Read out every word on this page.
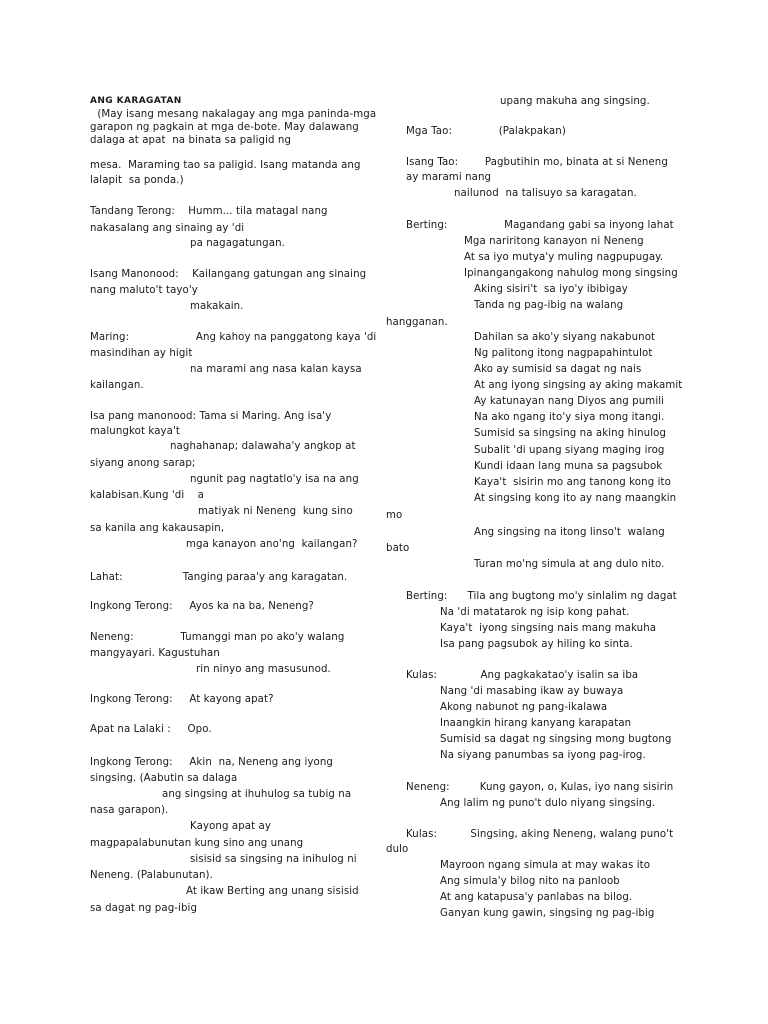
ANG KARAGATAN
(May isang mesang nakalagay ang mga paninda-mga
garapon ng pagkain at mga de-bote. May dalawang
dalaga at apat  na binata sa paligid ng
mesa.  Maraming tao sa paligid. Isang matanda ang
lalapit  sa ponda.)
Tandang Terong:    Humm... tila matagal nang
nakasalang ang sinaing ay 'di
pa nagagatungan.
Isang Manonood:    Kailangang gatungan ang sinaing
nang maluto't tayo'y
makakain.
Maring:                    Ang kahoy na panggatong kaya 'di
masindihan ay higit
na marami ang nasa kalan kaysa
kailangan.
Isa pang manonood: Tama si Maring. Ang isa'y
malungkot kaya't
naghahanap; dalawaha'y angkop at
siyang anong sarap;
ngunit pag nagtatlo'y isa na ang
kalabisan.Kung 'di    a
matiyak ni Neneng  kung sino
sa kanila ang kakausapin,
mga kanayon ano'ng  kailangan?
Lahat:                  Tanging paraa'y ang karagatan.
Ingkong Terong:     Ayos ka na ba, Neneng?
Neneng:              Tumanggi man po ako'y walang
mangyayari. Kagustuhan
rin ninyo ang masusunod.
Ingkong Terong:     At kayong apat?
Apat na Lalaki :     Opo.
Ingkong Terong:     Akin  na, Neneng ang iyong
singsing. (Aabutin sa dalaga
ang singsing at ihuhulog sa tubig na
nasa garapon).
Kayong apat ay
magpapalabunutan kung sino ang unang
sisisid sa singsing na inihulog ni
Neneng. (Palabunutan).
At ikaw Berting ang unang sisisid
sa dagat ng pag-ibig
upang makuha ang singsing.
Mga Tao:              (Palakpakan)
Isang Tao:        Pagbutihin mo, binata at si Neneng
ay marami nang
nailunod  na talisuyo sa karagatan.
Berting:                 Magandang gabi sa inyong lahat
Mga nariritong kanayon ni Neneng
At sa iyo mutya'y muling nagpupugay.
Ipinangangakong nahulog mong singsing
Aking sisiri't  sa iyo'y ibibigay
Tanda ng pag-ibig na walang
hangganan.
Dahilan sa ako'y siyang nakabunot
Ng palitong itong nagpapahintulot
Ako ay sumisid sa dagat ng nais
At ang iyong singsing ay aking makamit
Ay katunayan nang Diyos ang pumili
Na ako ngang ito'y siya mong itangi.
Sumisid sa singsing na aking hinulog
Subalit 'di upang siyang maging irog
Kundi idaan lang muna sa pagsubok
Kaya't  sisirin mo ang tanong kong ito
At singsing kong ito ay nang maangkin
mo
Ang singsing na itong linso't  walang
bato
Turan mo'ng simula at ang dulo nito.
Berting:      Tila ang bugtong mo'y sinlalim ng dagat
Na 'di matatarok ng isip kong pahat.
Kaya't  iyong singsing nais mang makuha
Isa pang pagsubok ay hiling ko sinta.
Kulas:             Ang pagkakatao'y isalin sa iba
Nang 'di masabing ikaw ay buwaya
Akong nabunot ng pang-ikalawa
Inaangkin hirang kanyang karapatan
Sumisid sa dagat ng singsing mong bugtong
Na siyang panumbas sa iyong pag-irog.
Neneng:         Kung gayon, o, Kulas, iyo nang sisirin
Ang lalim ng puno't dulo niyang singsing.
Kulas:          Singsing, aking Neneng, walang puno't
dulo
Mayroon ngang simula at may wakas ito
Ang simula'y bilog nito na panloob
At ang katapusa'y panlabas na bilog.
Ganyan kung gawin, singsing ng pag-ibig
